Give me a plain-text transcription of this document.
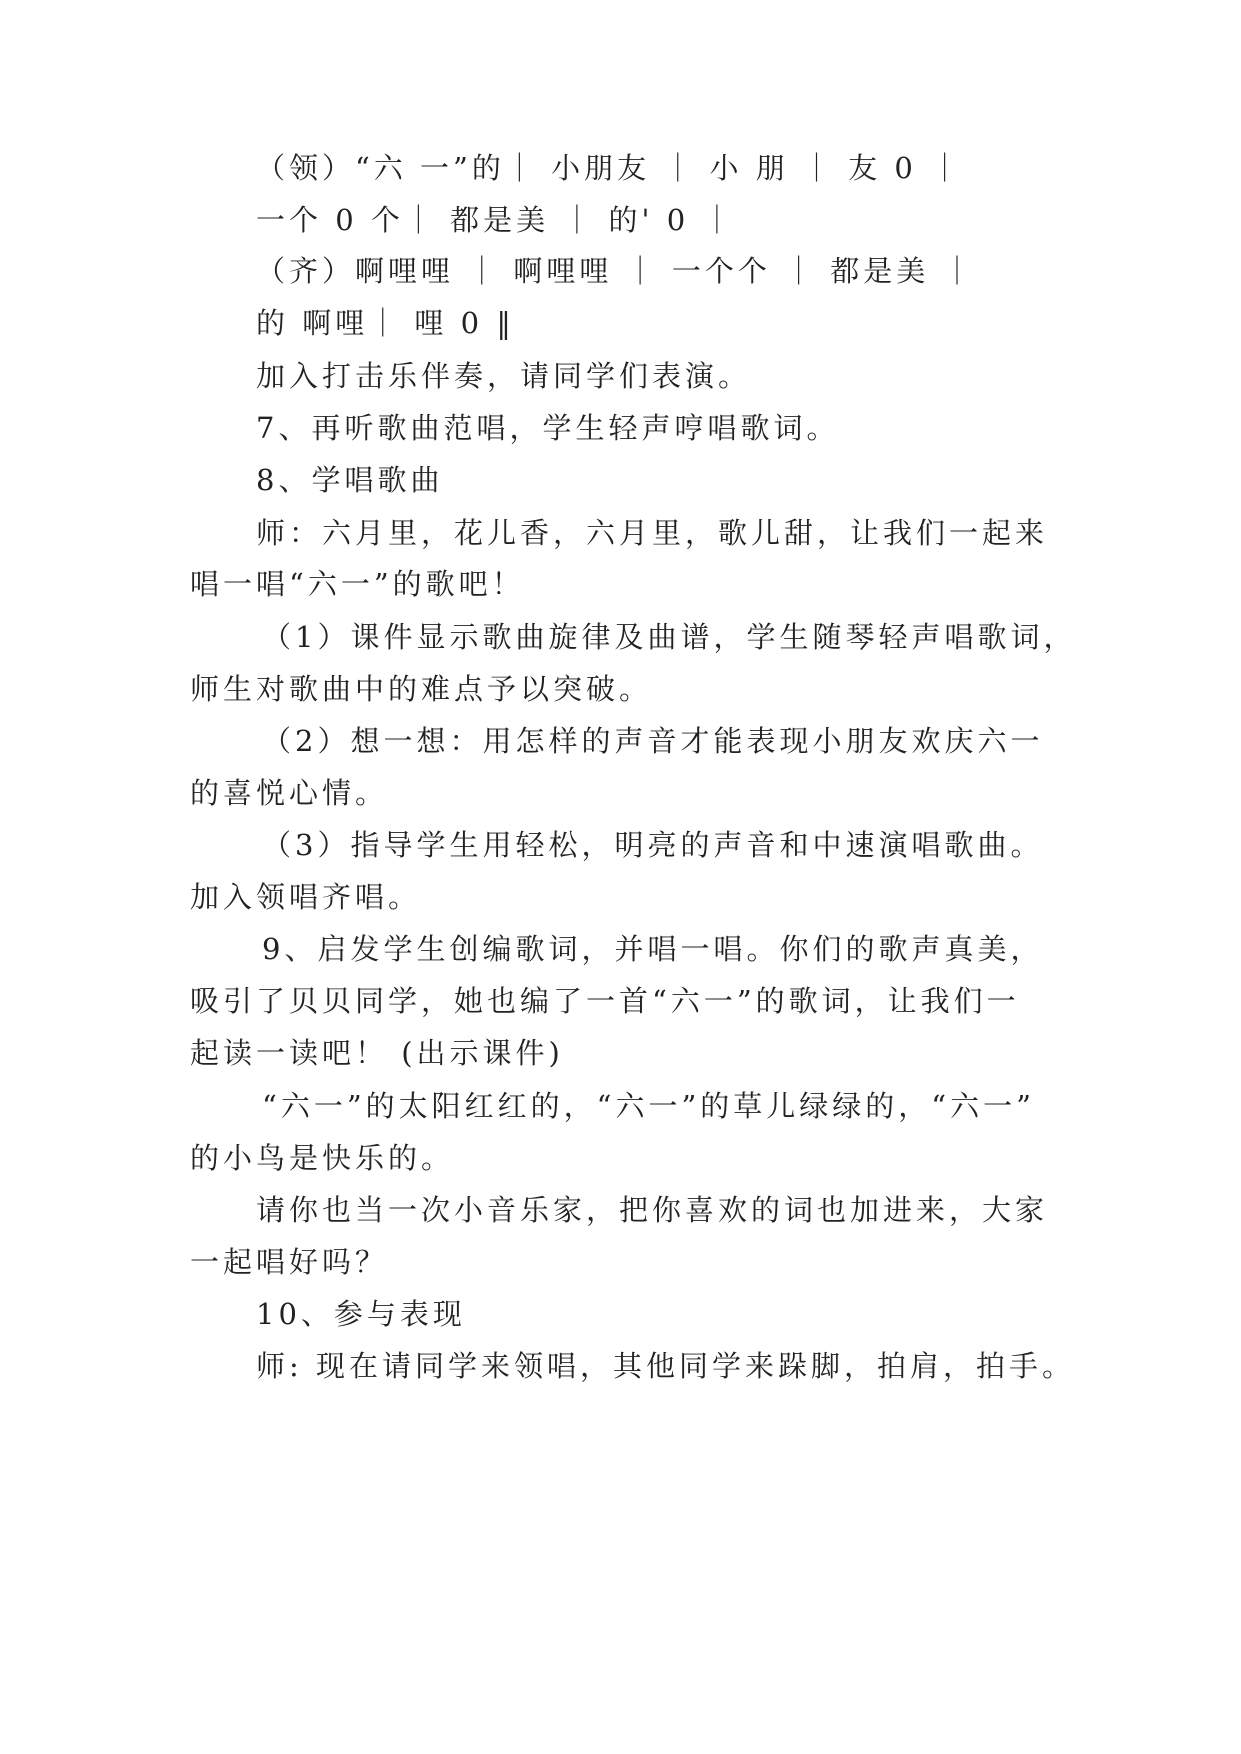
（领）“六 一”的｜ 小朋友 ｜ 小 朋 ｜ 友 0 ｜
一个 0 个｜ 都是美 ｜ 的' 0 ｜
（齐）啊哩哩 ｜ 啊哩哩 ｜ 一个个 ｜ 都是美 ｜
的 啊哩｜ 哩 0 ‖
加入打击乐伴奏，请同学们表演。
7、再听歌曲范唱，学生轻声哼唱歌词。
8、学唱歌曲
师：六月里，花儿香，六月里，歌儿甜，让我们一起来
唱一唱“六一”的歌吧！
（1）课件显示歌曲旋律及曲谱，学生随琴轻声唱歌词，
师生对歌曲中的难点予以突破。
（2）想一想：用怎样的声音才能表现小朋友欢庆六一
的喜悦心情。
（3）指导学生用轻松，明亮的声音和中速演唱歌曲。
加入领唱齐唱。
9、启发学生创编歌词，并唱一唱。你们的歌声真美，
吸引了贝贝同学，她也编了一首“六一”的歌词，让我们一
起读一读吧！ (出示课件)
“六一”的太阳红红的，“六一”的草儿绿绿的，“六一”
的小鸟是快乐的。
请你也当一次小音乐家，把你喜欢的词也加进来，大家
一起唱好吗？
10、参与表现
师: 现在请同学来领唱，其他同学来跺脚，拍肩，拍手。
